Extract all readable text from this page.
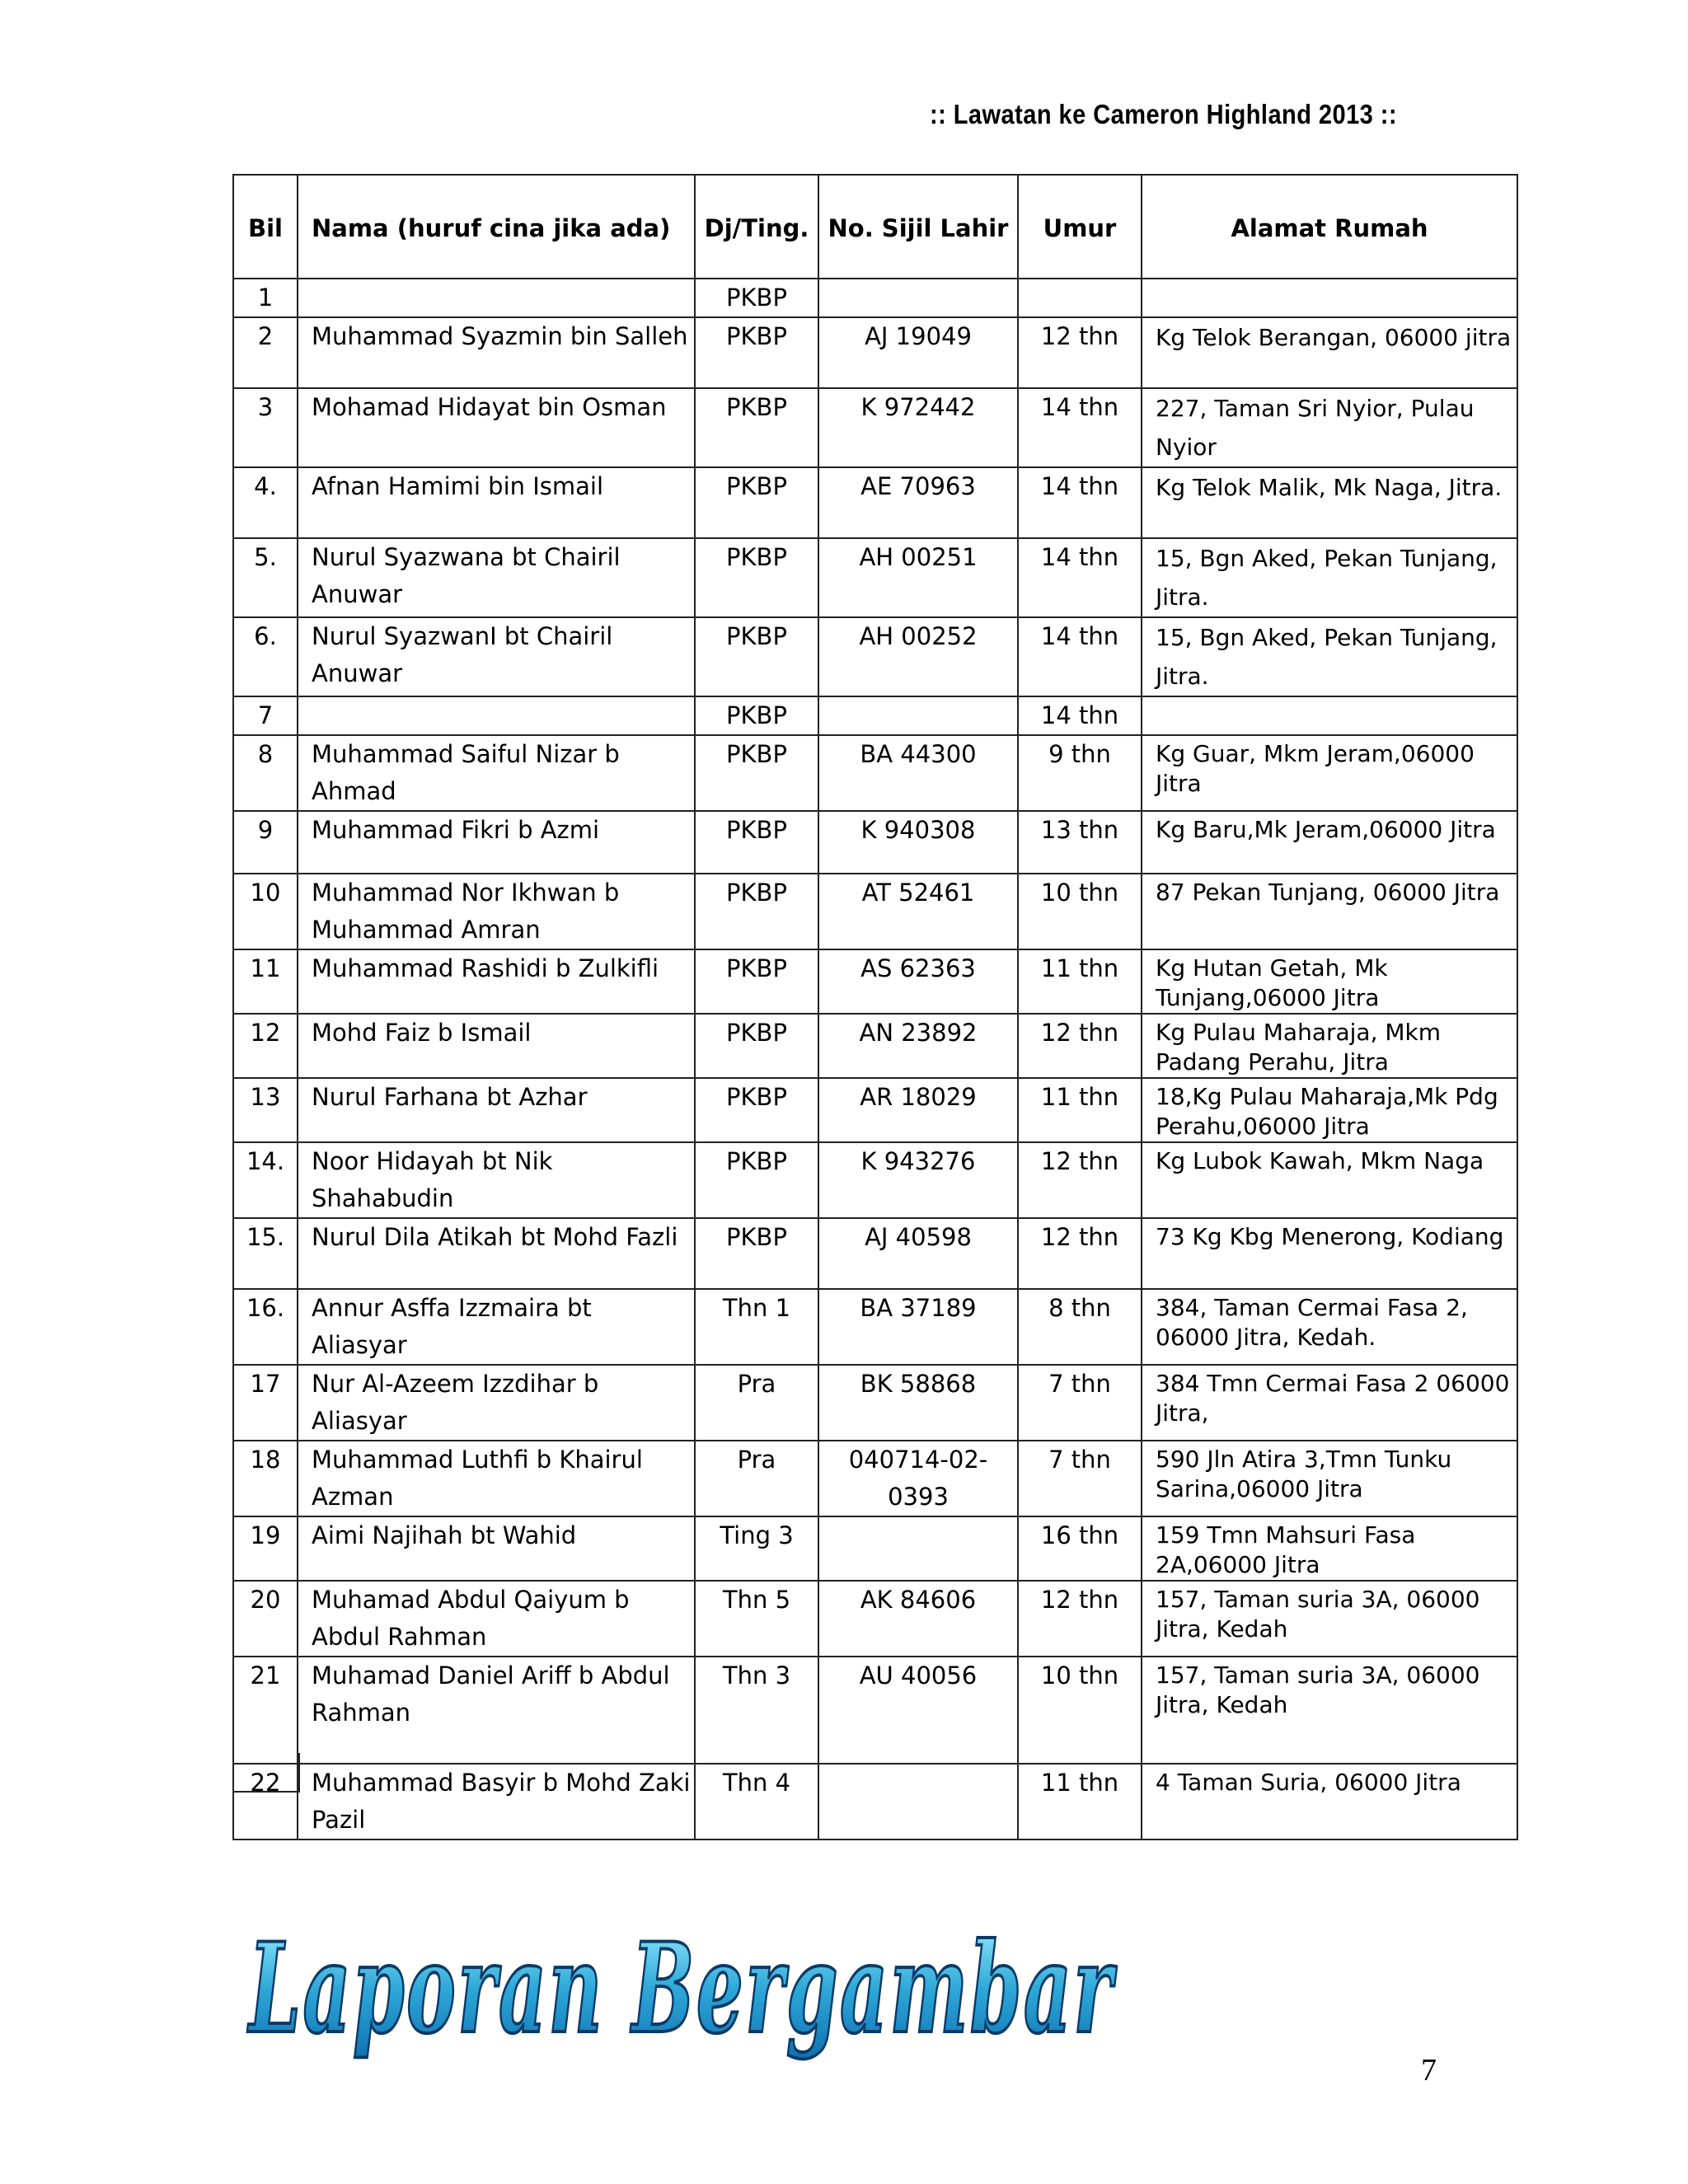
:: Lawatan ke Cameron Highland 2013 ::
Bil	Nama (huruf cina jika ada)	Dj/Ting.	No. Sijil Lahir	Umur	Alamat Rumah
1		PKBP			
2	Muhammad Syazmin bin Salleh	PKBP	AJ 19049	12 thn	Kg Telok Berangan, 06000 jitra
3	Mohamad Hidayat bin Osman	PKBP	K 972442	14 thn	227, Taman Sri Nyior, Pulau Nyior
4.	Afnan Hamimi bin Ismail	PKBP	AE 70963	14 thn	Kg Telok Malik, Mk Naga, Jitra.
5.	Nurul Syazwana bt Chairil Anuwar	PKBP	AH 00251	14 thn	15, Bgn Aked, Pekan Tunjang, Jitra.
6.	Nurul SyazwanI bt Chairil Anuwar	PKBP	AH 00252	14 thn	15, Bgn Aked, Pekan Tunjang, Jitra.
7		PKBP		14 thn	
8	Muhammad Saiful Nizar b Ahmad	PKBP	BA 44300	9 thn	Kg Guar, Mkm Jeram,06000 Jitra
9	Muhammad Fikri b Azmi	PKBP	K 940308	13 thn	Kg Baru,Mk Jeram,06000 Jitra
10	Muhammad Nor Ikhwan b Muhammad Amran	PKBP	AT 52461	10 thn	87 Pekan Tunjang, 06000 Jitra
11	Muhammad Rashidi b Zulkifli	PKBP	AS 62363	11 thn	Kg Hutan Getah, Mk Tunjang,06000 Jitra
12	Mohd Faiz b Ismail	PKBP	AN 23892	12 thn	Kg Pulau Maharaja, Mkm Padang Perahu, Jitra
13	Nurul Farhana bt Azhar	PKBP	AR 18029	11 thn	18,Kg Pulau Maharaja,Mk Pdg Perahu,06000 Jitra
14.	Noor Hidayah bt Nik Shahabudin	PKBP	K 943276	12 thn	Kg Lubok Kawah, Mkm Naga
15.	Nurul Dila Atikah bt Mohd Fazli	PKBP	AJ 40598	12 thn	73 Kg Kbg Menerong, Kodiang
16.	Annur Asffa Izzmaira bt Aliasyar	Thn 1	BA 37189	8 thn	384, Taman Cermai Fasa 2, 06000 Jitra, Kedah.
17	Nur Al-Azeem Izzdihar b Aliasyar	Pra	BK 58868	7 thn	384 Tmn Cermai Fasa 2 06000 Jitra,
18	Muhammad Luthfi b Khairul Azman	Pra	040714-02-0393	7 thn	590 Jln Atira 3,Tmn Tunku Sarina,06000 Jitra
19	Aimi Najihah bt Wahid	Ting 3		16 thn	159 Tmn Mahsuri Fasa 2A,06000 Jitra
20	Muhamad Abdul Qaiyum b Abdul Rahman	Thn 5	AK 84606	12 thn	157, Taman suria 3A, 06000 Jitra, Kedah
21	Muhamad Daniel Ariff b Abdul Rahman	Thn 3	AU 40056	10 thn	157, Taman suria 3A, 06000 Jitra, Kedah
22	Muhammad Basyir b Mohd Zaki Pazil	Thn 4		11 thn	4 Taman Suria, 06000 Jitra
Laporan Bergambar
7
